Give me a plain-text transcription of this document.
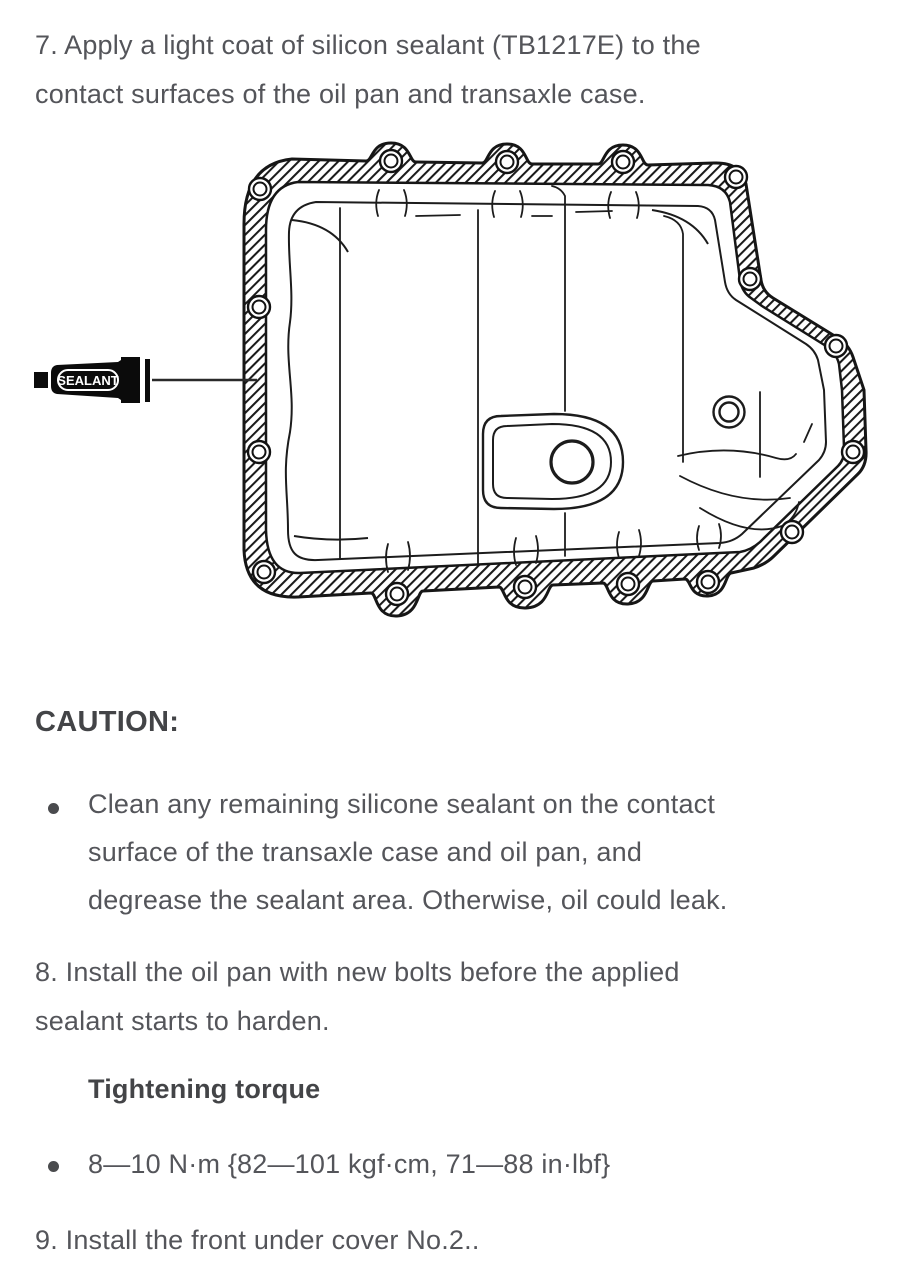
7. Apply a light coat of silicon sealant (TB1217E) to the
contact surfaces of the oil pan and transaxle case.
SEALANT
CAUTION:
Clean any remaining silicone sealant on the contact
surface of the transaxle case and oil pan, and
degrease the sealant area. Otherwise, oil could leak.
8. Install the oil pan with new bolts before the applied
sealant starts to harden.
Tightening torque
8—10 N·m {82—101 kgf·cm, 71—88 in·lbf}
9. Install the front under cover No.2..
